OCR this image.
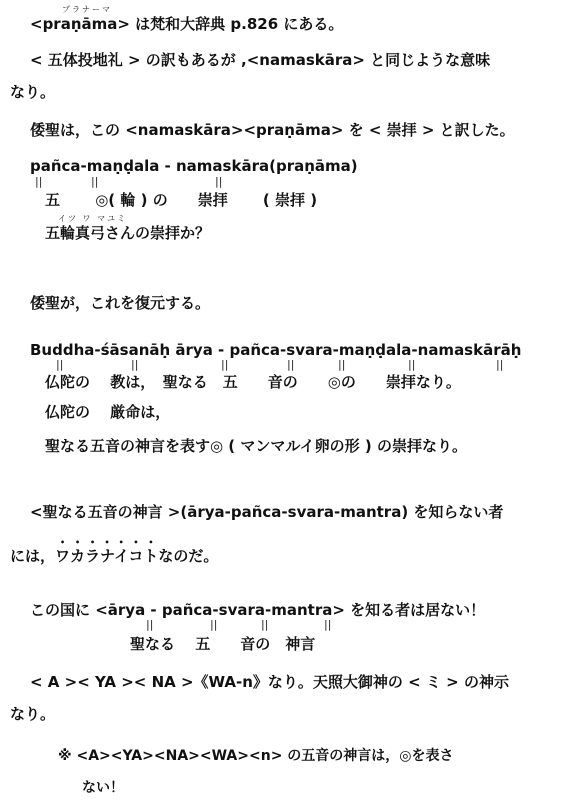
プラナーマ
<praṇāma> は梵和大辞典 p.826 にある。
< 五体投地礼 > の訳もあるが ,<namaskāra> と同じような意味
なり。
倭聖は，この <namaskāra><praṇāma> を < 崇拝 > と訳した。
pañca-maṇḍala - namaskāra(praṇāma)
||	||	||
五　　 ◎( 輪 ) の　　崇拝　　 ( 崇拝 )
イツ ワ マユミ
五輪真弓さんの崇拝か？
倭聖が，これを復元する。
Buddha-śāsanāḥ ārya - pañca-svara-maṇḍala-namaskārāḥ
||	||	||	||	||	||	||
仏陀の　 教は，　聖なる　五　　音の　　◎の　　崇拝なり。
仏陀の　 厳命は，
聖なる五音の神言を表す◎ ( マンマルイ卵の形 ) の崇拝なり。
<聖なる五音の神言 >(ārya-pañca-svara-mantra) を知らない者
には，ワカラナイコトなのだ。
この国に <ārya - pañca-svara-mantra> を知る者は居ない！
||	||	||	||
聖なる　 五　　音の　神言
< A >< YA >< NA >《WA-n》なり。天照大御神の < ミ > の神示
なり。
※ <A><YA><NA><WA><n> の五音の神言は，◎を表さ
ない！
